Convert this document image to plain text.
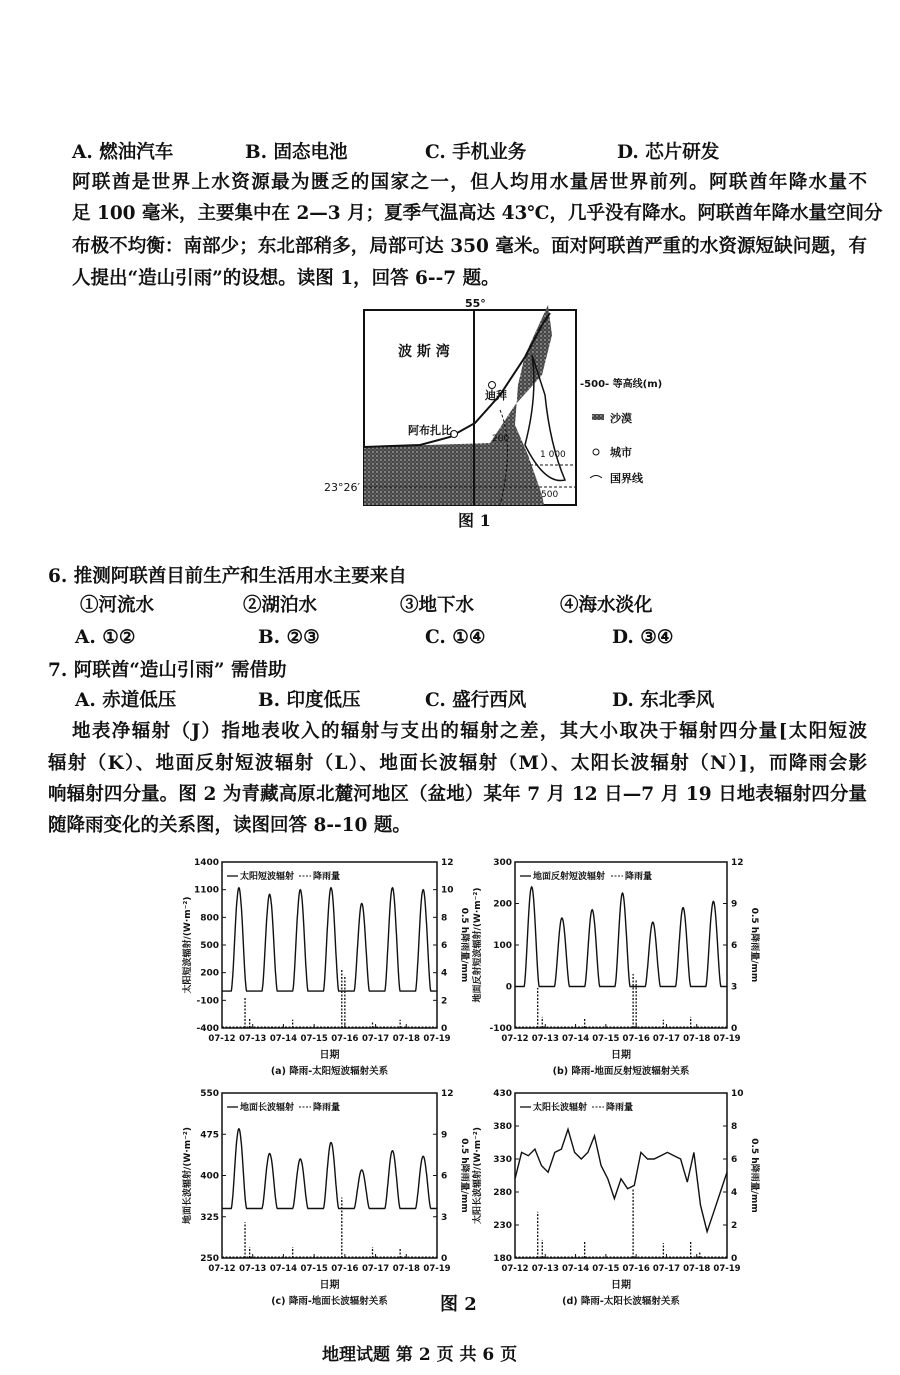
A. 燃油汽车	B. 固态电池	C. 手机业务	D. 芯片研发
阿联酋是世界上水资源最为匮乏的国家之一，但人均用水量居世界前列。阿联酋年降水量不
足 100 毫米，主要集中在 2—3 月；夏季气温高达 43℃，几乎没有降水。阿联酋年降水量空间分
布极不均衡：南部少；东北部稍多，局部可达 350 毫米。面对阿联酋严重的水资源短缺问题，有
人提出“造山引雨”的设想。读图 1，回答 6--7 题。
55°
23°26′
波 斯 湾
迪拜
阿布扎比
200
1 000
500
-500- 等高线(m)
沙漠
城市
国界线
图 1
6. 推测阿联酋目前生产和生活用水主要来自
①河流水	②湖泊水	③地下水	④海水淡化
A. ①②	B. ②③	C. ①④	D. ③④
7. 阿联酋“造山引雨” 需借助
A. 赤道低压	B. 印度低压	C. 盛行西风	D. 东北季风
地表净辐射（J）指地表收入的辐射与支出的辐射之差，其大小取决于辐射四分量[太阳短波
辐射（K）、地面反射短波辐射（L）、地面长波辐射（M）、太阳长波辐射（N）]，而降雨会影
响辐射四分量。图 2 为青藏高原北麓河地区（盆地）某年 7 月 12 日—7 月 19 日地表辐射四分量
随降雨变化的关系图，读图回答 8--10 题。
-400
-100
200
500
800
1100
1400
0
2
4
6
8
10
12
07-12 07-13 07-14 07-15 07-16 07-17 07-18 07-19
日期
(a) 降雨-太阳短波辐射关系
太阳短波辐射/(W·m⁻²)	0.5 h降雨量/mm
太阳短波辐射 降雨量
-100
0
100
200
300
0
3
6
9
12
07-12 07-13 07-14 07-15 07-16 07-17 07-18 07-19
日期
(b) 降雨-地面反射短波辐射关系
地面反射短波辐射/(W·m⁻²)	0.5 h降雨量/mm
地面反射短波辐射 降雨量
250
325
400
475
550
0
3
6
9
12
07-12 07-13 07-14 07-15 07-16 07-17 07-18 07-19
日期
(c) 降雨-地面长波辐射关系
地面长波辐射/(W·m⁻²)	0.5 h降雨量/mm
地面长波辐射 降雨量
180
230
280
330
380
430
0
2
4
6
8
10
07-12 07-13 07-14 07-15 07-16 07-17 07-18 07-19
日期
(d) 降雨-太阳长波辐射关系
太阳长波辐射/(W·m⁻²)	0.5 h降雨量/mm
太阳长波辐射 降雨量
图 2
地理试题 第 2 页 共 6 页
